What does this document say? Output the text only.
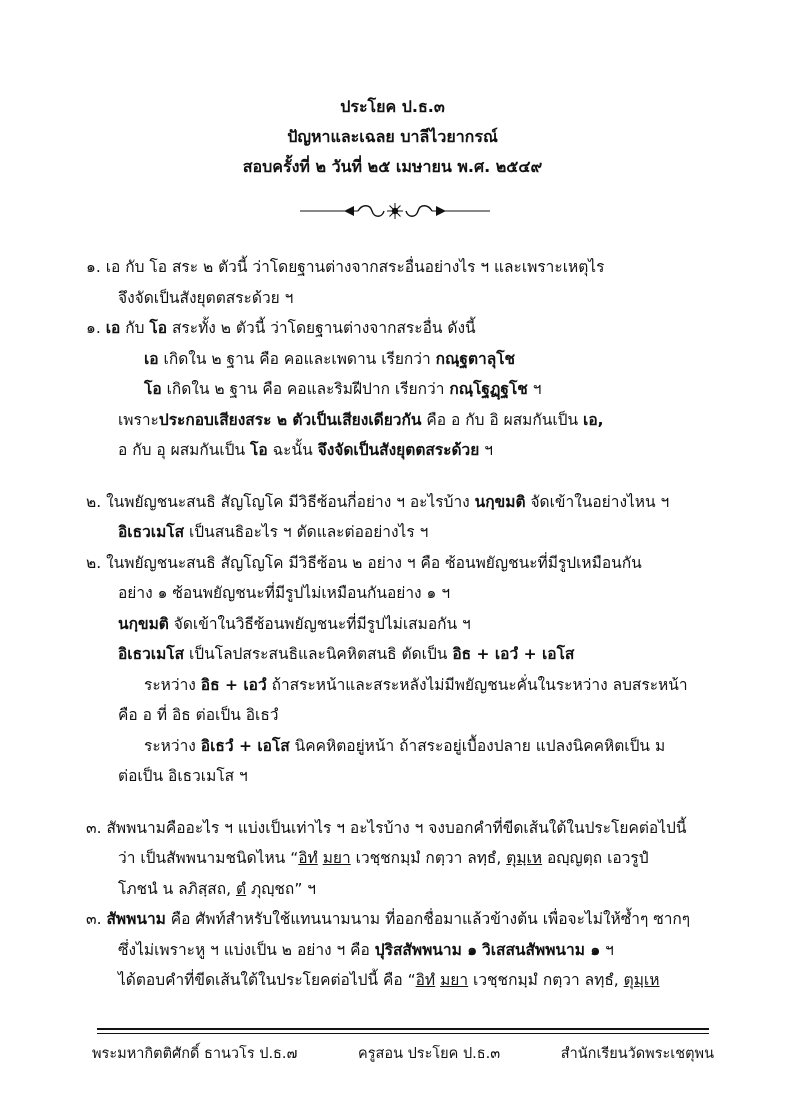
ประโยค ป.ธ.๓
ปัญหาและเฉลย บาลีไวยากรณ์
สอบครั้งที่ ๒ วันที่ ๒๕ เมษายน พ.ศ. ๒๕๔๙
๑. เอ กับ โอ สระ ๒ ตัวนี้ ว่าโดยฐานต่างจากสระอื่นอย่างไร ฯ และเพราะเหตุไร
จึงจัดเป็นสังยุตตสระด้วย ฯ
๑. เอ กับ โอ สระทั้ง ๒ ตัวนี้ ว่าโดยฐานต่างจากสระอื่น ดังนี้
เอ เกิดใน ๒ ฐาน คือ คอและเพดาน เรียกว่า กณฺฐตาลุโช
โอ เกิดใน ๒ ฐาน คือ คอและริมฝีปาก เรียกว่า กณฺโฐฏฺฐโช ฯ
เพราะประกอบเสียงสระ ๒ ตัวเป็นเสียงเดียวกัน คือ อ กับ อิ ผสมกันเป็น เอ,
อ กับ อุ ผสมกันเป็น โอ ฉะนั้น จึงจัดเป็นสังยุตตสระด้วย ฯ
๒. ในพยัญชนะสนธิ สัญโญโค มีวิธีซ้อนกี่อย่าง ฯ อะไรบ้าง นกฺขมติ จัดเข้าในอย่างไหน ฯ
อิเธวเมโส เป็นสนธิอะไร ฯ ตัดและต่ออย่างไร ฯ
๒. ในพยัญชนะสนธิ สัญโญโค มีวิธีซ้อน ๒ อย่าง ฯ คือ ซ้อนพยัญชนะที่มีรูปเหมือนกัน
อย่าง ๑ ซ้อนพยัญชนะที่มีรูปไม่เหมือนกันอย่าง ๑ ฯ
นกฺขมติ จัดเข้าในวิธีซ้อนพยัญชนะที่มีรูปไม่เสมอกัน ฯ
อิเธวเมโส เป็นโลปสระสนธิและนิคหิตสนธิ ตัดเป็น อิธ + เอวํ + เอโส
ระหว่าง อิธ + เอวํ ถ้าสระหน้าและสระหลังไม่มีพยัญชนะคั่นในระหว่าง ลบสระหน้า
คือ อ ที่ อิธ ต่อเป็น อิเธวํ
ระหว่าง อิเธวํ + เอโส นิคคหิตอยู่หน้า ถ้าสระอยู่เบื้องปลาย แปลงนิคคหิตเป็น ม
ต่อเป็น อิเธวเมโส ฯ
๓. สัพพนามคืออะไร ฯ แบ่งเป็นเท่าไร ฯ อะไรบ้าง ฯ จงบอกคำที่ขีดเส้นใต้ในประโยคต่อไปนี้
ว่า เป็นสัพพนามชนิดไหน “อิทํ มยา เวชฺชกมฺมํ กตฺวา ลทฺธํ, ตุมฺเห อญฺญตฺถ เอวรูปํ
โภชนํ น ลภิสฺสถ, ตํ ภุญฺชถ” ฯ
๓. สัพพนาม คือ ศัพท์สำหรับใช้แทนนามนาม ที่ออกชื่อมาแล้วข้างต้น เพื่อจะไม่ให้ซ้ำๆ ซากๆ
ซึ่งไม่เพราะหู ฯ แบ่งเป็น ๒ อย่าง ฯ คือ ปุริสสัพพนาม ๑ วิเสสนสัพพนาม ๑ ฯ
ได้ตอบคำที่ขีดเส้นใต้ในประโยคต่อไปนี้ คือ “อิทํ มยา เวชฺชกมฺมํ กตฺวา ลทฺธํ, ตุมฺเห
พระมหากิตติศักดิ์ ธานวโร ป.ธ.๗	ครูสอน ประโยค ป.ธ.๓	สำนักเรียนวัดพระเชตุพน
